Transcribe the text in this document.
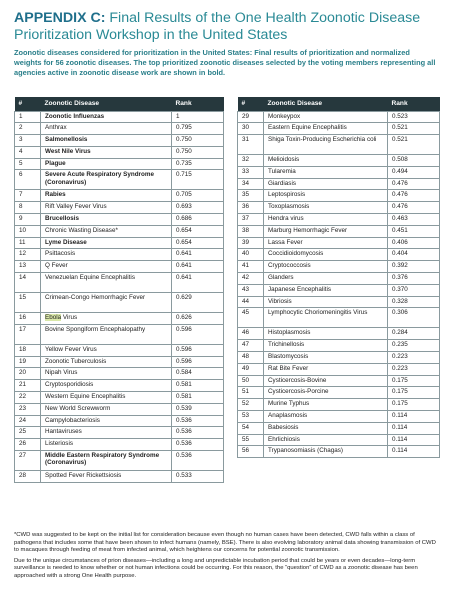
APPENDIX C: Final Results of the One Health Zoonotic Disease Prioritization Workshop in the United States

Zoonotic diseases considered for prioritization in the United States: Final results of prioritization and normalized weights for 56 zoonotic diseases. The top prioritized zoonotic diseases selected by the voting members representing all agencies active in zoonotic disease work are shown in bold.

#	Zoonotic Disease	Rank
1	Zoonotic Influenzas	1
2	Anthrax	0.795
3	Salmonellosis	0.750
4	West Nile Virus	0.750
5	Plague	0.735
6	Severe Acute Respiratory Syndrome (Coronavirus)	0.715
7	Rabies	0.705
8	Rift Valley Fever Virus	0.693
9	Brucellosis	0.686
10	Chronic Wasting Disease*	0.654
11	Lyme Disease	0.654
12	Psittacosis	0.641
13	Q Fever	0.641
14	Venezuelan Equine Encephalitis	0.641
15	Crimean-Congo Hemorrhagic Fever	0.629
16	Ebola Virus	0.626
17	Bovine Spongiform Encephalopathy	0.596
18	Yellow Fever Virus	0.596
19	Zoonotic Tuberculosis	0.596
20	Nipah Virus	0.584
21	Cryptosporidiosis	0.581
22	Western Equine Encephalitis	0.581
23	New World Screwworm	0.539
24	Campylobacteriosis	0.536
25	Hantaviruses	0.536
26	Listeriosis	0.536
27	Middle Eastern Respiratory Syndrome (Coronavirus)	0.536
28	Spotted Fever Rickettsiosis	0.533
#	Zoonotic Disease	Rank
29	Monkeypox	0.523
30	Eastern Equine Encephalitis	0.521
31	Shiga Toxin-Producing Escherichia coli	0.521
32	Melioidosis	0.508
33	Tularemia	0.494
34	Giardiasis	0.476
35	Leptospirosis	0.476
36	Toxoplasmosis	0.476
37	Hendra virus	0.463
38	Marburg Hemorrhagic Fever	0.451
39	Lassa Fever	0.406
40	Coccidioidomycosis	0.404
41	Cryptococcosis	0.392
42	Glanders	0.376
43	Japanese Encephalitis	0.370
44	Vibriosis	0.328
45	Lymphocytic Choriomeningitis Virus	0.306
46	Histoplasmosis	0.284
47	Trichinellosis	0.235
48	Blastomycosis	0.223
49	Rat Bite Fever	0.223
50	Cysticercosis-Bovine	0.175
51	Cysticercosis-Porcine	0.175
52	Murine Typhus	0.175
53	Anaplasmosis	0.114
54	Babesiosis	0.114
55	Ehrlichiosis	0.114
56	Trypanosomiasis (Chagas)	0.114

*CWD was suggested to be kept on the initial list for consideration because even though no human cases have been detected, CWD falls within a class of pathogens that includes some that have been shown to infect humans (namely, BSE). There is also evolving laboratory animal data showing transmission of CWD to macaques through feeding of meat from infected animal, which heightens our concerns for potential zoonotic transmission.

Due to the unique circumstances of prion diseases—including a long and unpredictable incubation period that could be years or even decades—long-term surveillance is needed to know whether or not human infections could be occurring. For this reason, the “question” of CWD as a zoonotic disease has been approached with a strong One Health purpose.
